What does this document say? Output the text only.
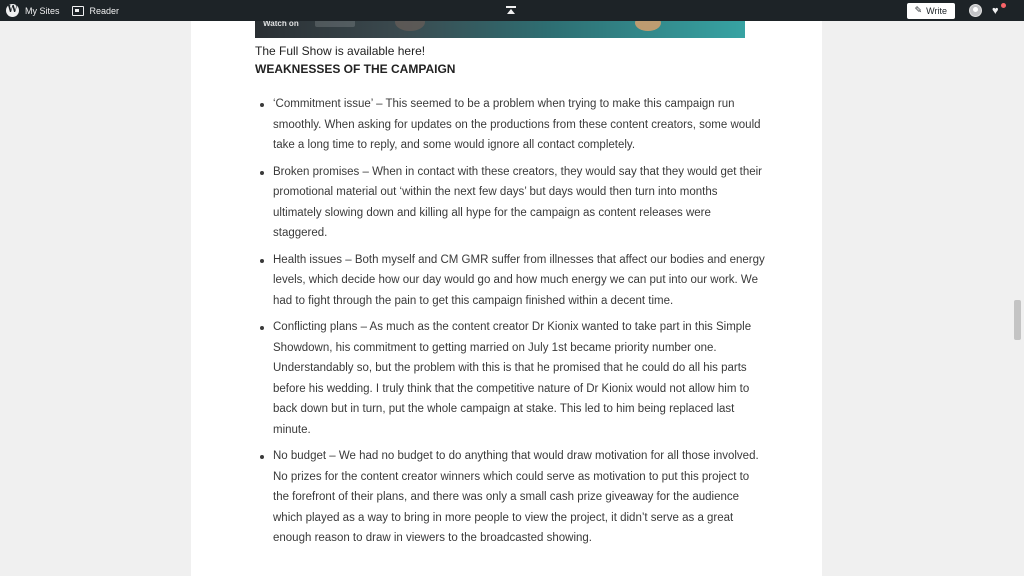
W My Sites	Reader	✎ Write	♥
Watch on
The Full Show is available here!
WEAKNESSES OF THE CAMPAIGN
‘Commitment issue’ – This seemed to be a problem when trying to make this campaign run smoothly. When asking for updates on the productions from these content creators, some would take a long time to reply, and some would ignore all contact completely.
Broken promises – When in contact with these creators, they would say that they would get their promotional material out ‘within the next few days’ but days would then turn into months ultimately slowing down and killing all hype for the campaign as content releases were staggered.
Health issues – Both myself and CM GMR suffer from illnesses that affect our bodies and energy levels, which decide how our day would go and how much energy we can put into our work. We had to fight through the pain to get this campaign finished within a decent time.
Conflicting plans – As much as the content creator Dr Kionix wanted to take part in this Simple Showdown, his commitment to getting married on July 1st became priority number one. Understandably so, but the problem with this is that he promised that he could do all his parts before his wedding. I truly think that the competitive nature of Dr Kionix would not allow him to back down but in turn, put the whole campaign at stake. This led to him being replaced last minute.
No budget – We had no budget to do anything that would draw motivation for all those involved. No prizes for the content creator winners which could serve as motivation to put this project to the forefront of their plans, and there was only a small cash prize giveaway for the audience which played as a way to bring in more people to view the project, it didn’t serve as a great enough reason to draw in viewers to the broadcasted showing.
